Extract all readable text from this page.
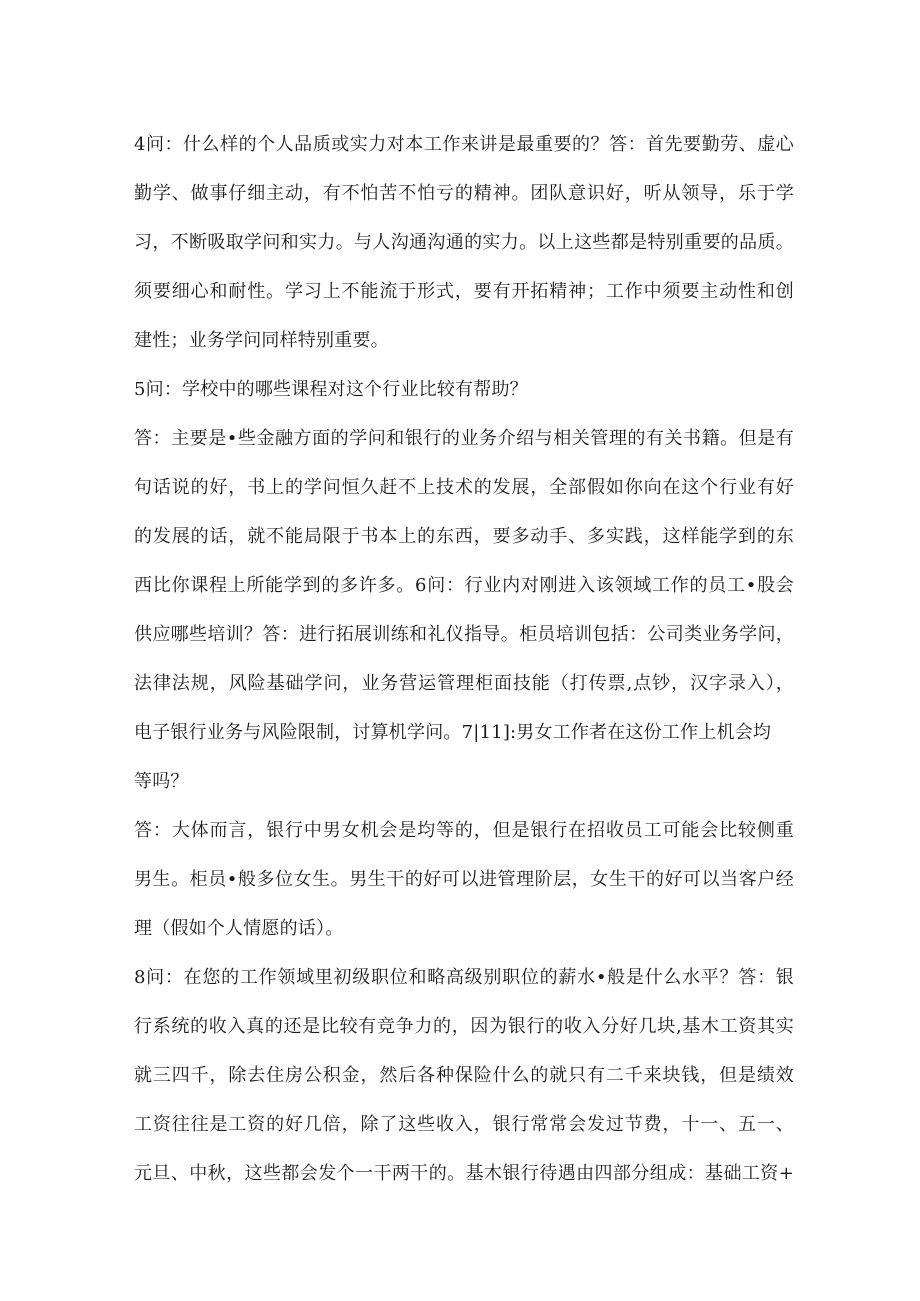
4问：什么样的个人品质或实力对本工作来讲是最重要的？答：首先要勤劳、虚心
勤学、做事仔细主动，有不怕苦不怕亏的精神。团队意识好，听从领导，乐于学
习，不断吸取学问和实力。与人沟通沟通的实力。以上这些都是特别重要的品质。
须要细心和耐性。学习上不能流于形式，要有开拓精神；工作中须要主动性和创
建性；业务学问同样特别重要。
5问：学校中的哪些课程对这个行业比较有帮助？
答：主要是•些金融方面的学问和银行的业务介绍与相关管理的有关书籍。但是有
句话说的好，书上的学问恒久赶不上技术的发展，全部假如你向在这个行业有好
的发展的话，就不能局限于书本上的东西，要多动手、多实践，这样能学到的东
西比你课程上所能学到的多许多。6问：行业内对刚进入该领域工作的员工•股会
供应哪些培训？答：进行拓展训练和礼仪指导。柜员培训包括：公司类业务学问，
法律法规，风险基础学问，业务营运管理柜面技能（打传票,点钞，汉字录入），
电子银行业务与风险限制，讨算机学问。7|11]:男女工作者在这份工作上机会均
等吗？
答：大体而言，银行中男女机会是均等的，但是银行在招收员工可能会比较侧重
男生。柜员•般多位女生。男生干的好可以进管理阶层，女生干的好可以当客户经
理（假如个人情愿的话）。
8问：在您的工作领域里初级职位和略高级别职位的薪水•般是什么水平？答：银
行系统的收入真的还是比较有竞争力的，因为银行的收入分好几块,基木工资其实
就三四千，除去住房公积金，然后各种保险什么的就只有二千来块钱，但是绩效
工资往往是工资的好几倍，除了这些收入，银行常常会发过节费，十一、五一、
元旦、中秋，这些都会发个一干两干的。基木银行待遇由四部分组成：基础工资+
